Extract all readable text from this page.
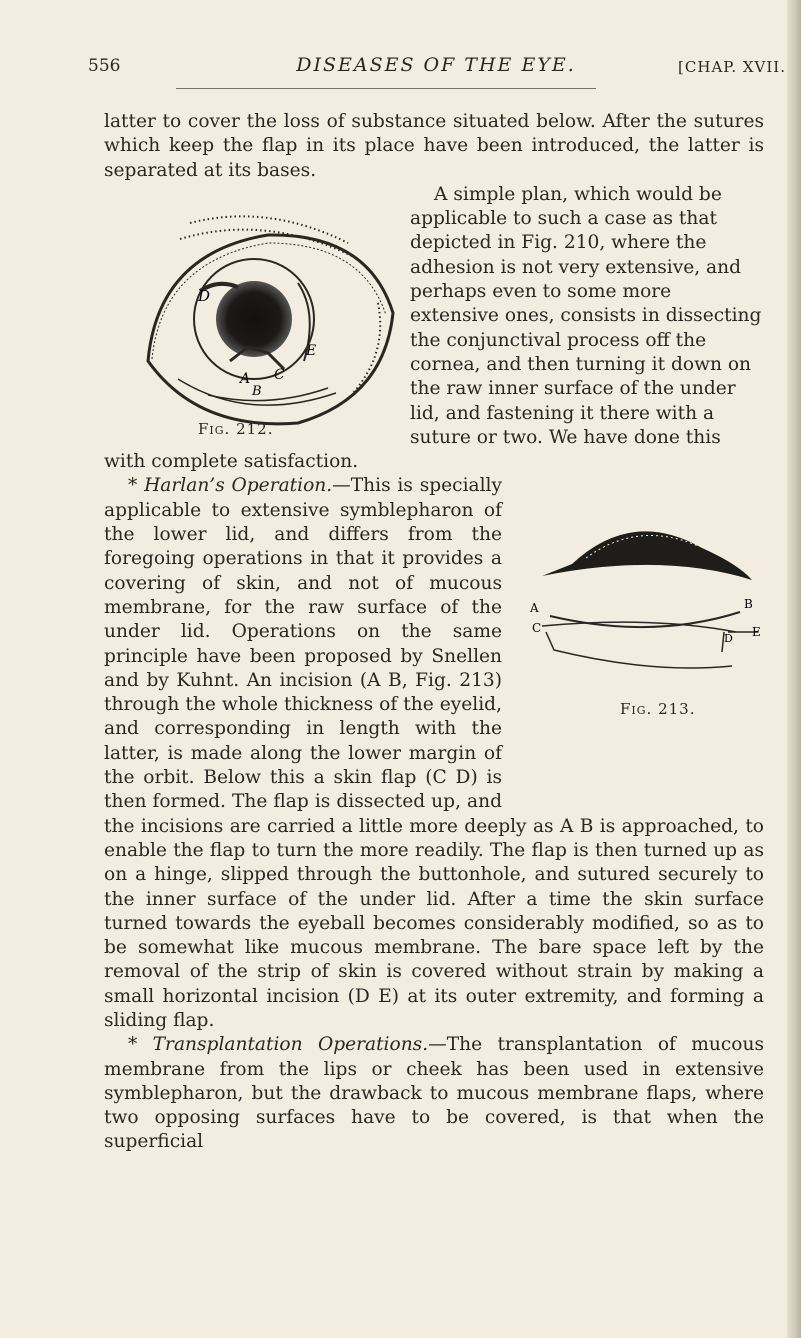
556	DISEASES OF THE EYE.	[CHAP. XVII.

latter to cover the loss of substance situated below. After the sutures which keep the flap in its place have been introduced, the latter is separated at its bases.

D
A
E
C
B
Fig. 212.

A simple plan, which would be applicable to such a case as that depicted in Fig. 210, where the adhesion is not very extensive, and perhaps even to some more extensive ones, consists in dissecting the conjunctival process off the cornea, and then turning it down on the raw inner surface of the under lid, and fastening it there with a suture or two. We have done this with complete satisfaction.

A	B
C
D E
Fig. 213.

* Harlan’s Operation.—This is specially applicable to extensive symblepharon of the lower lid, and differs from the foregoing operations in that it provides a covering of skin, and not of mucous membrane, for the raw surface of the under lid. Operations on the same principle have been proposed by Snellen and by Kuhnt. An incision (A B, Fig. 213) through the whole thickness of the eyelid, and corresponding in length with the latter, is made along the lower margin of the orbit. Below this a skin flap (C D) is then formed. The flap is dissected up, and the incisions are carried a little more deeply as A B is approached, to enable the flap to turn the more readily. The flap is then turned up as on a hinge, slipped through the buttonhole, and sutured securely to the inner surface of the under lid. After a time the skin surface turned towards the eyeball becomes considerably modified, so as to be somewhat like mucous membrane. The bare space left by the removal of the strip of skin is covered without strain by making a small horizontal incision (D E) at its outer extremity, and forming a sliding flap.

* Transplantation Operations.—The transplantation of mucous membrane from the lips or cheek has been used in extensive symblepharon, but the drawback to mucous membrane flaps, where two opposing surfaces have to be covered, is that when the superficial
